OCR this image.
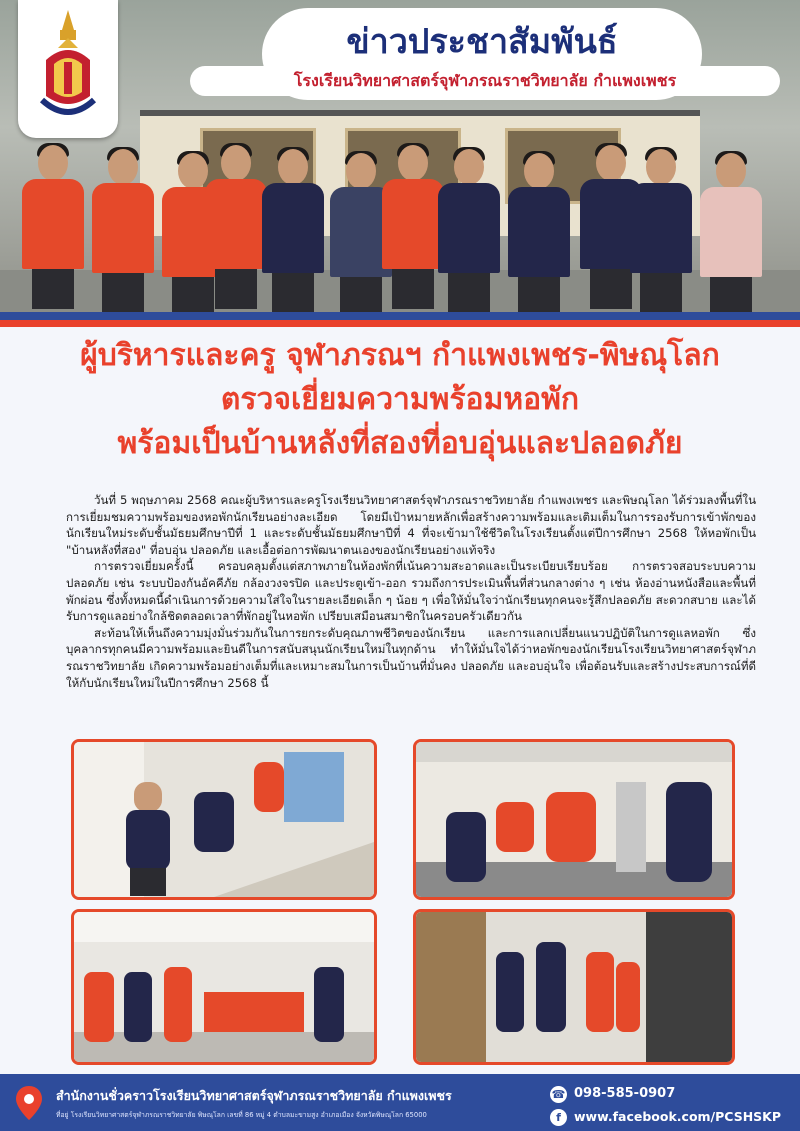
ข่าวประชาสัมพันธ์
โรงเรียนวิทยาศาสตร์จุฬาภรณราชวิทยาลัย กำแพงเพชร
ผู้บริหารและครู จุฬาภรณฯ กำแพงเพชร-พิษณุโลก
ตรวจเยี่ยมความพร้อมหอพัก
พร้อมเป็นบ้านหลังที่สองที่อบอุ่นและปลอดภัย

วันที่ 5 พฤษภาคม 2568 คณะผู้บริหารและครูโรงเรียนวิทยาศาสตร์จุฬาภรณราชวิทยาลัย กำแพงเพชร และพิษณุโลก ได้ร่วมลงพื้นที่ในการเยี่ยมชมความพร้อมของหอพักนักเรียนอย่างละเอียด โดยมีเป้าหมายหลักเพื่อสร้างความพร้อมและเติมเต็มในการรองรับการเข้าพักของนักเรียนใหม่ระดับชั้นมัธยมศึกษาปีที่ 1 และระดับชั้นมัธยมศึกษาปีที่ 4 ที่จะเข้ามาใช้ชีวิตในโรงเรียนตั้งแต่ปีการศึกษา 2568 ให้หอพักเป็น "บ้านหลังที่สอง" ที่อบอุ่น ปลอดภัย และเอื้อต่อการพัฒนาตนเองของนักเรียนอย่างแท้จริง

การตรวจเยี่ยมครั้งนี้ ครอบคลุมตั้งแต่สภาพภายในห้องพักที่เน้นความสะอาดและเป็นระเบียบเรียบร้อย การตรวจสอบระบบความปลอดภัย เช่น ระบบป้องกันอัคคีภัย กล้องวงจรปิด และประตูเข้า-ออก รวมถึงการประเมินพื้นที่ส่วนกลางต่าง ๆ เช่น ห้องอ่านหนังสือและพื้นที่พักผ่อน ซึ่งทั้งหมดนี้ดำเนินการด้วยความใส่ใจในรายละเอียดเล็ก ๆ น้อย ๆ เพื่อให้มั่นใจว่านักเรียนทุกคนจะรู้สึกปลอดภัย สะดวกสบาย และได้รับการดูแลอย่างใกล้ชิดตลอดเวลาที่พักอยู่ในหอพัก เปรียบเสมือนสมาชิกในครอบครัวเดียวกัน

สะท้อนให้เห็นถึงความมุ่งมั่นร่วมกันในการยกระดับคุณภาพชีวิตของนักเรียน และการแลกเปลี่ยนแนวปฏิบัติในการดูแลหอพัก ซึ่งบุคลากรทุกคนมีความพร้อมและยินดีในการสนับสนุนนักเรียนใหม่ในทุกด้าน ทำให้มั่นใจได้ว่าหอพักของนักเรียนโรงเรียนวิทยาศาสตร์จุฬาภรณราชวิทยาลัย เกิดความพร้อมอย่างเต็มที่และเหมาะสมในการเป็นบ้านที่มั่นคง ปลอดภัย และอบอุ่นใจ เพื่อต้อนรับและสร้างประสบการณ์ที่ดีให้กับนักเรียนใหม่ในปีการศึกษา 2568 นี้

สำนักงานชั่วคราวโรงเรียนวิทยาศาสตร์จุฬาภรณราชวิทยาลัย กำแพงเพชร
ที่อยู่ โรงเรียนวิทยาศาสตร์จุฬาภรณราชวิทยาลัย พิษณุโลก เลขที่ 86 หมู่ 4 ตำบลมะขามสูง อำเภอเมือง จังหวัดพิษณุโลก 65000
☎ 098-585-0907
f	www.facebook.com/PCSHSKP
